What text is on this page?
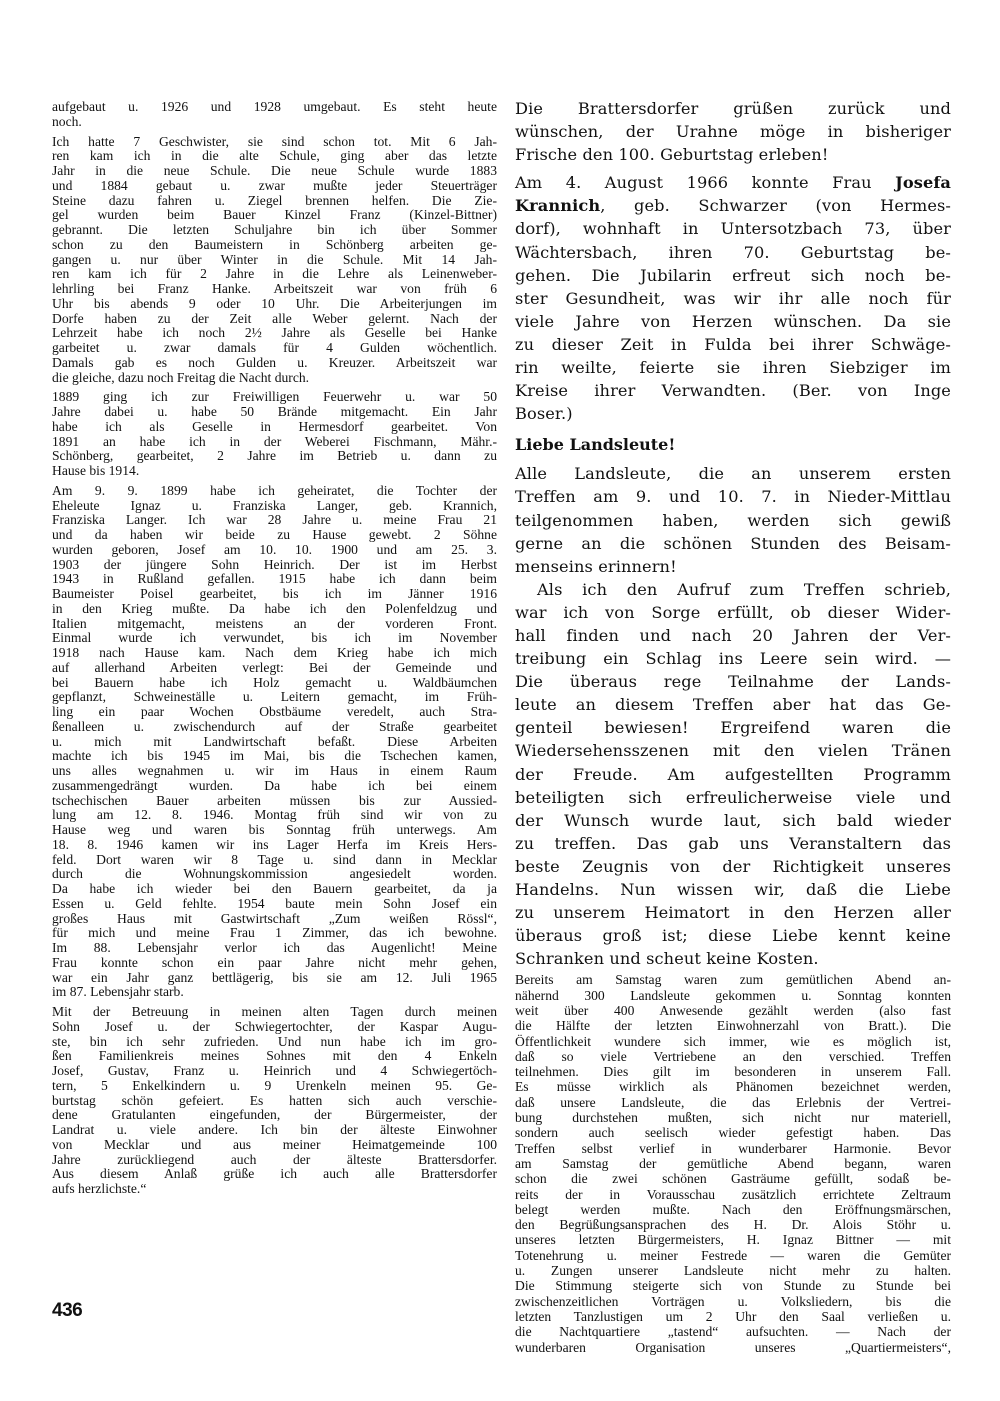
aufgebaut u. 1926 und 1928 umgebaut. Es steht heute
noch.
Ich hatte 7 Geschwister, sie sind schon tot. Mit 6 Jah-
ren kam ich in die alte Schule, ging aber das letzte
Jahr in die neue Schule. Die neue Schule wurde 1883
und 1884 gebaut u. zwar mußte jeder Steuerträger
Steine dazu fahren u. Ziegel brennen helfen. Die Zie-
gel wurden beim Bauer Kinzel Franz (Kinzel-Bittner)
gebrannt. Die letzten Schuljahre bin ich über Sommer
schon zu den Baumeistern in Schönberg arbeiten ge-
gangen u. nur über Winter in die Schule. Mit 14 Jah-
ren kam ich für 2 Jahre in die Lehre als Leinenweber-
lehrling bei Franz Hanke. Arbeitszeit war von früh 6
Uhr bis abends 9 oder 10 Uhr. Die Arbeiterjungen im
Dorfe haben zu der Zeit alle Weber gelernt. Nach der
Lehrzeit habe ich noch 2½ Jahre als Geselle bei Hanke
garbeitet u. zwar damals für 4 Gulden wöchentlich.
Damals gab es noch Gulden u. Kreuzer. Arbeitszeit war
die gleiche, dazu noch Freitag die Nacht durch.
1889 ging ich zur Freiwilligen Feuerwehr u. war 50
Jahre dabei u. habe 50 Brände mitgemacht. Ein Jahr
habe ich als Geselle in Hermesdorf gearbeitet. Von
1891 an habe ich in der Weberei Fischmann, Mähr.-
Schönberg, gearbeitet, 2 Jahre im Betrieb u. dann zu
Hause bis 1914.
Am 9. 9. 1899 habe ich geheiratet, die Tochter der
Eheleute Ignaz u. Franziska Langer, geb. Krannich,
Franziska Langer. Ich war 28 Jahre u. meine Frau 21
und da haben wir beide zu Hause gewebt. 2 Söhne
wurden geboren, Josef am 10. 10. 1900 und am 25. 3.
1903 der jüngere Sohn Heinrich. Der ist im Herbst
1943 in Rußland gefallen. 1915 habe ich dann beim
Baumeister Poisel gearbeitet, bis ich im Jänner 1916
in den Krieg mußte. Da habe ich den Polenfeldzug und
Italien mitgemacht, meistens an der vorderen Front.
Einmal wurde ich verwundet, bis ich im November
1918 nach Hause kam. Nach dem Krieg habe ich mich
auf allerhand Arbeiten verlegt: Bei der Gemeinde und
bei Bauern habe ich Holz gemacht u. Waldbäumchen
gepflanzt, Schweineställe u. Leitern gemacht, im Früh-
ling ein paar Wochen Obstbäume veredelt, auch Stra-
ßenalleen u. zwischendurch auf der Straße gearbeitet
u. mich mit Landwirtschaft befaßt. Diese Arbeiten
machte ich bis 1945 im Mai, bis die Tschechen kamen,
uns alles wegnahmen u. wir im Haus in einem Raum
zusammengedrängt wurden. Da habe ich bei einem
tschechischen Bauer arbeiten müssen bis zur Aussied-
lung am 12. 8. 1946. Montag früh sind wir von zu
Hause weg und waren bis Sonntag früh unterwegs. Am
18. 8. 1946 kamen wir ins Lager Herfa im Kreis Hers-
feld. Dort waren wir 8 Tage u. sind dann in Mecklar
durch die Wohnungskommission angesiedelt worden.
Da habe ich wieder bei den Bauern gearbeitet, da ja
Essen u. Geld fehlte. 1954 baute mein Sohn Josef ein
großes Haus mit Gastwirtschaft „Zum weißen Rössl“,
für mich und meine Frau 1 Zimmer, das ich bewohne.
Im 88. Lebensjahr verlor ich das Augenlicht! Meine
Frau konnte schon ein paar Jahre nicht mehr gehen,
war ein Jahr ganz bettlägerig, bis sie am 12. Juli 1965
im 87. Lebensjahr starb.
Mit der Betreuung in meinen alten Tagen durch meinen
Sohn Josef u. der Schwiegertochter, der Kaspar Augu-
ste, bin ich sehr zufrieden. Und nun habe ich im gro-
ßen Familienkreis meines Sohnes mit den 4 Enkeln
Josef, Gustav, Franz u. Heinrich und 4 Schwiegertöch-
tern, 5 Enkelkindern u. 9 Urenkeln meinen 95. Ge-
burtstag schön gefeiert. Es hatten sich auch verschie-
dene Gratulanten eingefunden, der Bürgermeister, der
Landrat u. viele andere. Ich bin der älteste Einwohner
von Mecklar und aus meiner Heimatgemeinde 100
Jahre zurückliegend auch der älteste Brattersdorfer.
Aus diesem Anlaß grüße ich auch alle Brattersdorfer
aufs herzlichste.“
Die Brattersdorfer grüßen zurück und
wünschen, der Urahne möge in bisheriger
Frische den 100. Geburtstag erleben!
Am 4. August 1966 konnte Frau Josefa
Krannich, geb. Schwarzer (von Hermes-
dorf), wohnhaft in Untersotzbach 73, über
Wächtersbach, ihren 70. Geburtstag be-
gehen. Die Jubilarin erfreut sich noch be-
ster Gesundheit, was wir ihr alle noch für
viele Jahre von Herzen wünschen. Da sie
zu dieser Zeit in Fulda bei ihrer Schwäge-
rin weilte, feierte sie ihren Siebziger im
Kreise ihrer Verwandten. (Ber. von Inge
Boser.)
Liebe Landsleute!
Alle Landsleute, die an unserem ersten
Treffen am 9. und 10. 7. in Nieder-Mittlau
teilgenommen haben, werden sich gewiß
gerne an die schönen Stunden des Beisam-
menseins erinnern!
Als ich den Aufruf zum Treffen schrieb,
war ich von Sorge erfüllt, ob dieser Wider-
hall finden und nach 20 Jahren der Ver-
treibung ein Schlag ins Leere sein wird. —
Die überaus rege Teilnahme der Lands-
leute an diesem Treffen aber hat das Ge-
genteil bewiesen! Ergreifend waren die
Wiedersehensszenen mit den vielen Tränen
der Freude. Am aufgestellten Programm
beteiligten sich erfreulicherweise viele und
der Wunsch wurde laut, sich bald wieder
zu treffen. Das gab uns Veranstaltern das
beste Zeugnis von der Richtigkeit unseres
Handelns. Nun wissen wir, daß die Liebe
zu unserem Heimatort in den Herzen aller
überaus groß ist; diese Liebe kennt keine
Schranken und scheut keine Kosten.
Bereits am Samstag waren zum gemütlichen Abend an-
nähernd 300 Landsleute gekommen u. Sonntag konnten
weit über 400 Anwesende gezählt werden (also fast
die Hälfte der letzten Einwohnerzahl von Bratt.). Die
Öffentlichkeit wundere sich immer, wie es möglich ist,
daß so viele Vertriebene an den verschied. Treffen
teilnehmen. Dies gilt im besonderen in unserem Fall.
Es müsse wirklich als Phänomen bezeichnet werden,
daß unsere Landsleute, die das Erlebnis der Vertrei-
bung durchstehen mußten, sich nicht nur materiell,
sondern auch seelisch wieder gefestigt haben. Das
Treffen selbst verlief in wunderbarer Harmonie. Bevor
am Samstag der gemütliche Abend begann, waren
schon die zwei schönen Gasträume gefüllt, sodaß be-
reits der in Vorausschau zusätzlich errichtete Zeltraum
belegt werden mußte. Nach den Eröffnungsmärschen,
den Begrüßungsansprachen des H. Dr. Alois Stöhr u.
unseres letzten Bürgermeisters, H. Ignaz Bittner — mit
Totenehrung u. meiner Festrede — waren die Gemüter
u. Zungen unserer Landsleute nicht mehr zu halten.
Die Stimmung steigerte sich von Stunde zu Stunde bei
zwischenzeitlichen Vorträgen u. Volksliedern, bis die
letzten Tanzlustigen um 2 Uhr den Saal verließen u.
die Nachtquartiere „tastend“ aufsuchten. — Nach der
wunderbaren Organisation unseres „Quartiermeisters“,
436
